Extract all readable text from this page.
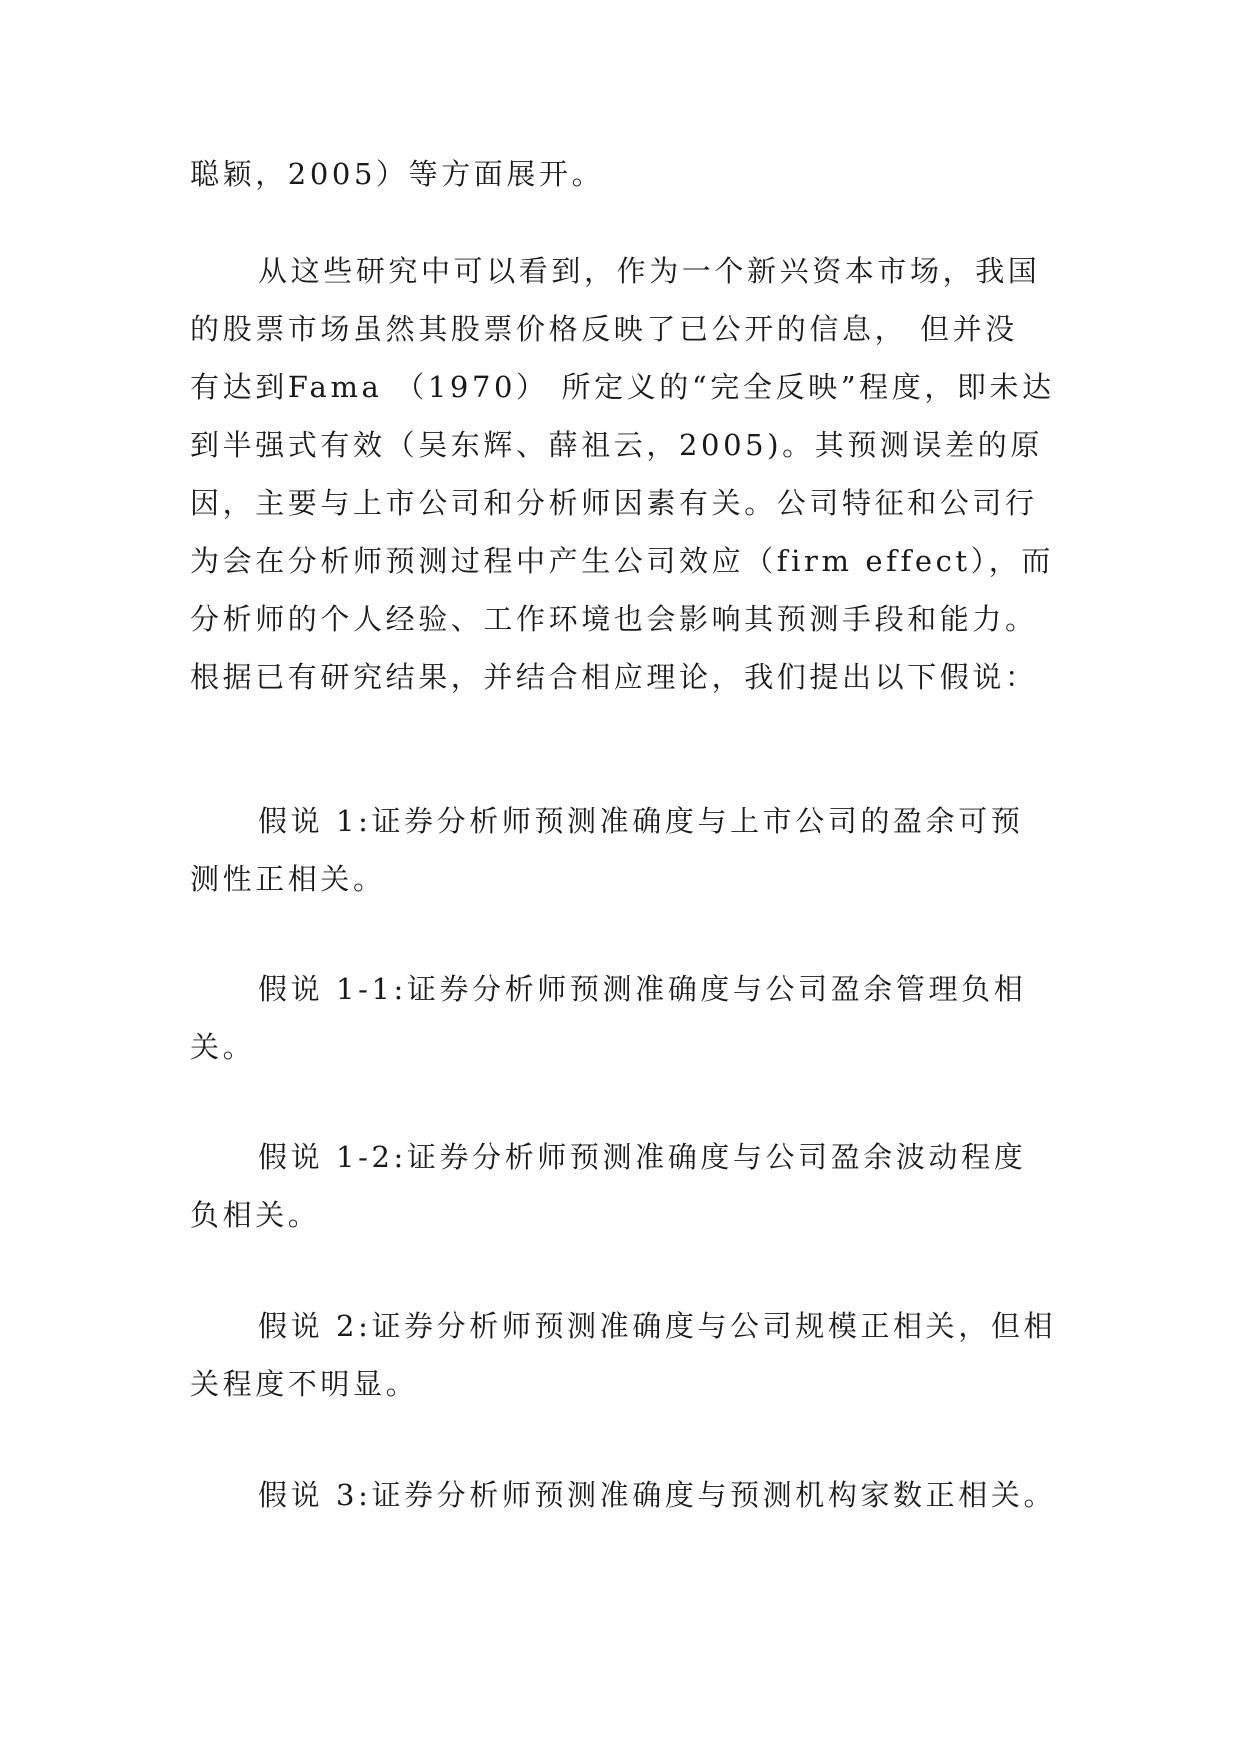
聪颖，2005）等方面展开。
从这些研究中可以看到，作为一个新兴资本市场，我国
的股票市场虽然其股票价格反映了已公开的信息， 但并没
有达到Fama （1970） 所定义的“完全反映”程度，即未达
到半强式有效（吴东辉、薛祖云，2005)。其预测误差的原
因，主要与上市公司和分析师因素有关。公司特征和公司行
为会在分析师预测过程中产生公司效应（firm effect），而
分析师的个人经验、工作环境也会影响其预测手段和能力。
根据已有研究结果，并结合相应理论，我们提出以下假说：
假说 1:证券分析师预测准确度与上市公司的盈余可预
测性正相关。
假说 1-1:证券分析师预测准确度与公司盈余管理负相
关。
假说 1-2:证券分析师预测准确度与公司盈余波动程度
负相关。
假说 2:证券分析师预测准确度与公司规模正相关，但相
关程度不明显。
假说 3:证券分析师预测准确度与预测机构家数正相关。
